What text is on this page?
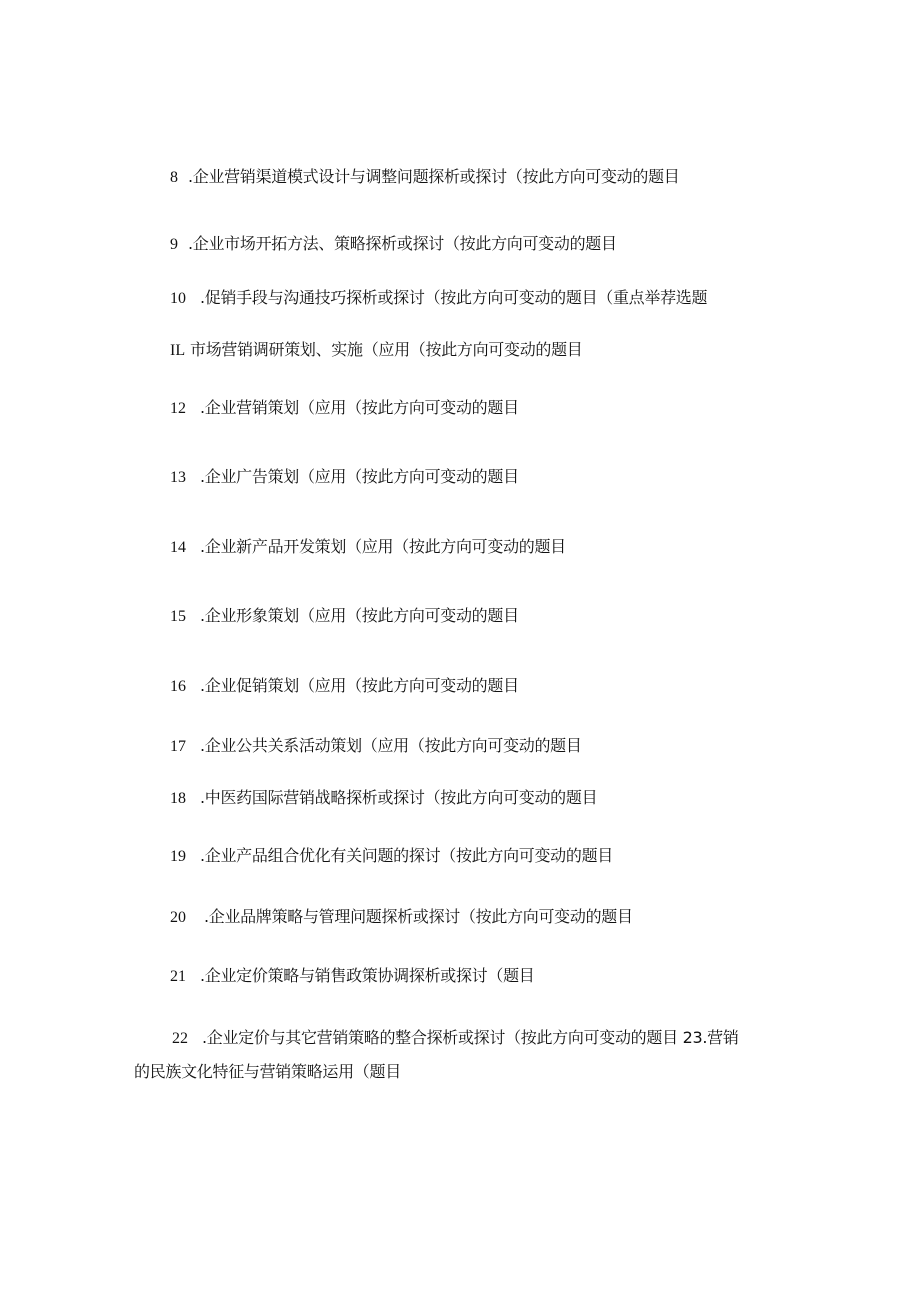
8 .企业营销渠道模式设计与调整问题探析或探讨（按此方向可变动的题目
9 .企业市场开拓方法、策略探析或探讨（按此方向可变动的题目
10 .促销手段与沟通技巧探析或探讨（按此方向可变动的题目（重点举荐选题
IL 市场营销调研策划、实施（应用（按此方向可变动的题目
12 .企业营销策划（应用（按此方向可变动的题目
13 .企业广告策划（应用（按此方向可变动的题目
14 .企业新产品开发策划（应用（按此方向可变动的题目
15 .企业形象策划（应用（按此方向可变动的题目
16 .企业促销策划（应用（按此方向可变动的题目
17 .企业公共关系活动策划（应用（按此方向可变动的题目
18 .中医药国际营销战略探析或探讨（按此方向可变动的题目
19 .企业产品组合优化有关问题的探讨（按此方向可变动的题目
20 .企业品牌策略与管理问题探析或探讨（按此方向可变动的题目
21 .企业定价策略与销售政策协调探析或探讨（题目
22 .企业定价与其它营销策略的整合探析或探讨（按此方向可变动的题目 23.营销
的民族文化特征与营销策略运用（题目
